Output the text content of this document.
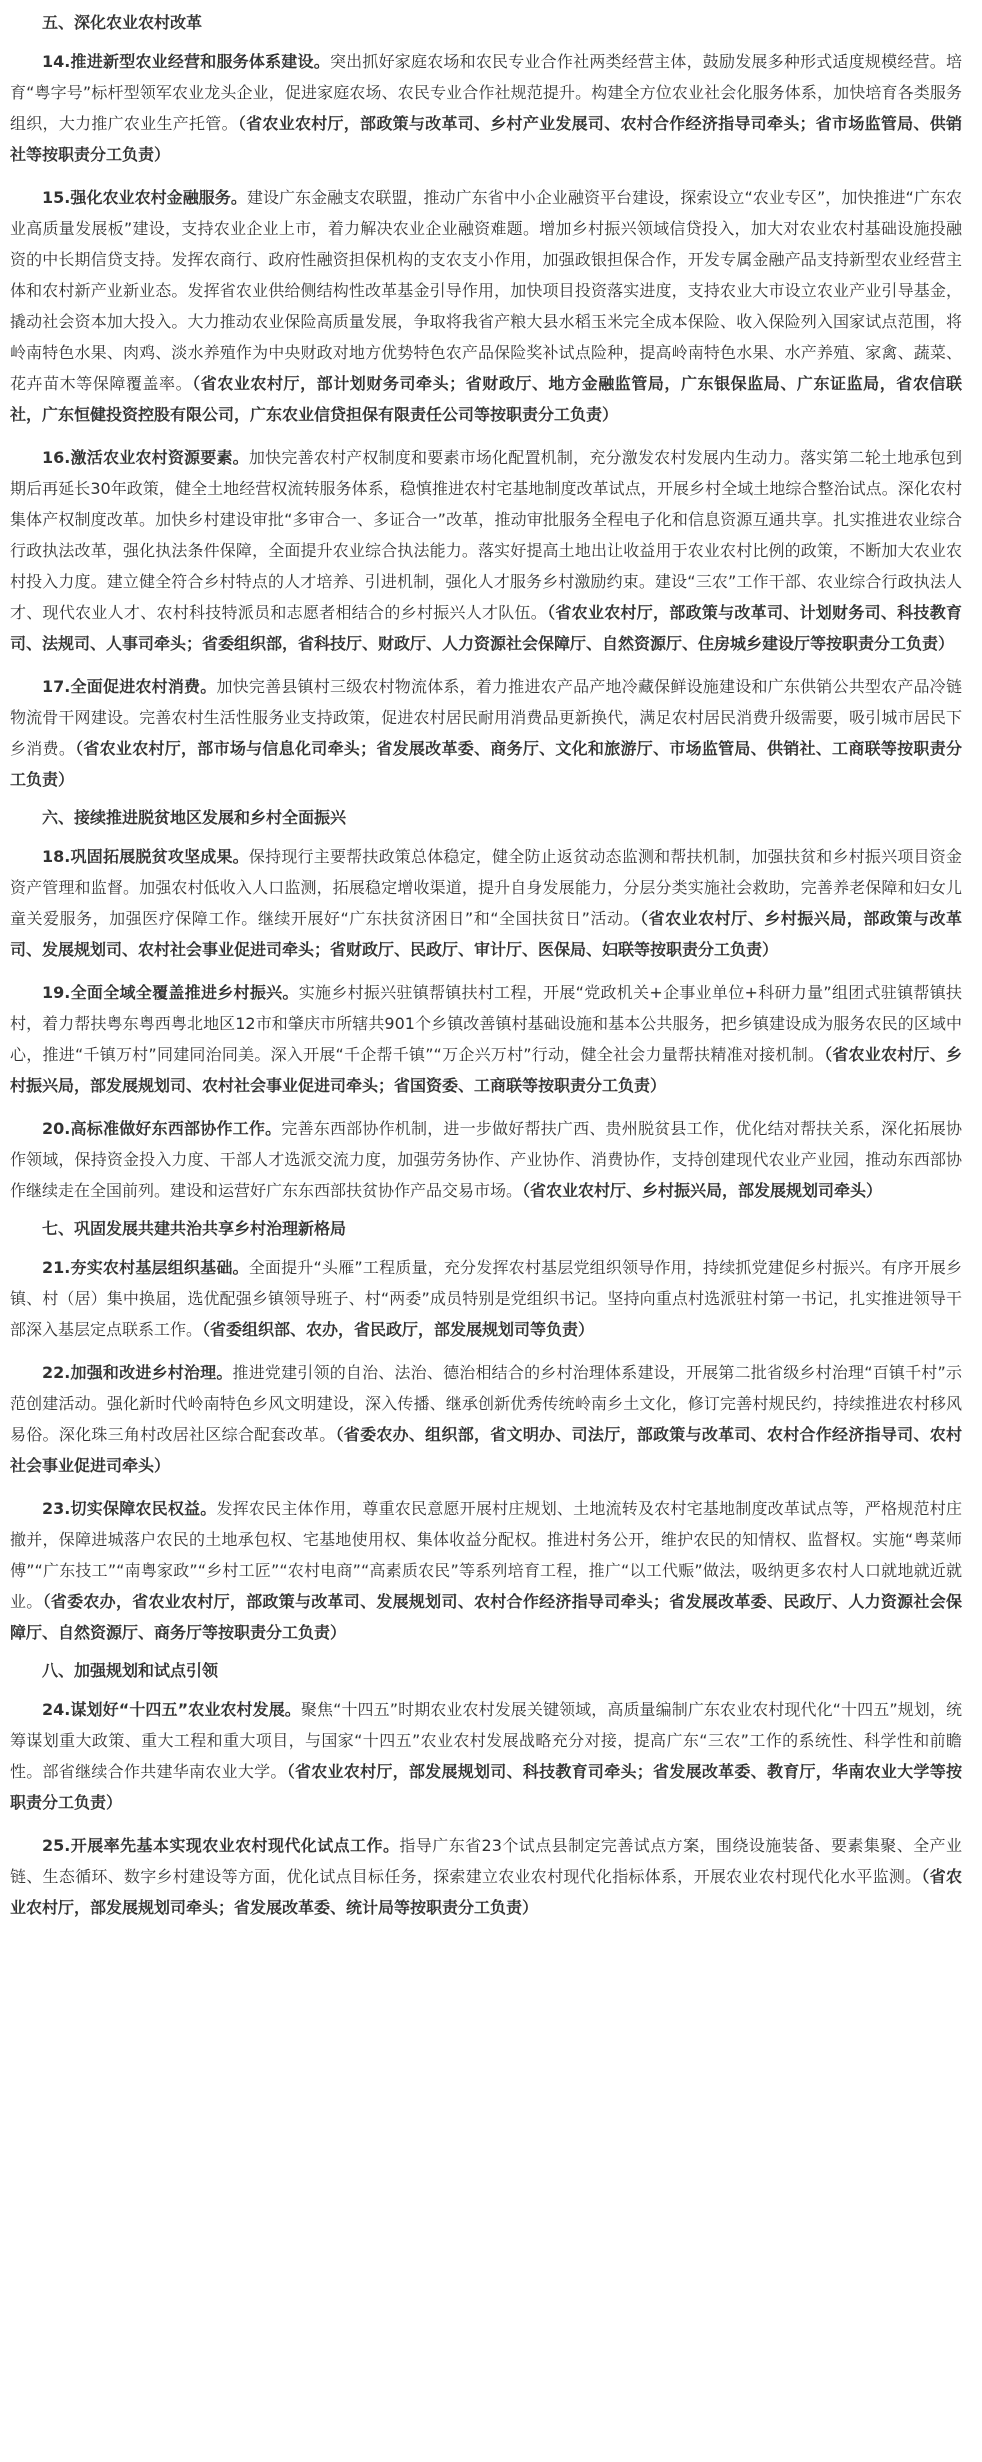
五、深化农业农村改革

14.推进新型农业经营和服务体系建设。突出抓好家庭农场和农民专业合作社两类经营主体，鼓励发展多种形式适度规模经营。培育“粤字号”标杆型领军农业龙头企业，促进家庭农场、农民专业合作社规范提升。构建全方位农业社会化服务体系，加快培育各类服务组织，大力推广农业生产托管。（省农业农村厅，部政策与改革司、乡村产业发展司、农村合作经济指导司牵头；省市场监管局、供销社等按职责分工负责）

15.强化农业农村金融服务。建设广东金融支农联盟，推动广东省中小企业融资平台建设，探索设立“农业专区”，加快推进“广东农业高质量发展板”建设，支持农业企业上市，着力解决农业企业融资难题。增加乡村振兴领域信贷投入，加大对农业农村基础设施投融资的中长期信贷支持。发挥农商行、政府性融资担保机构的支农支小作用，加强政银担保合作，开发专属金融产品支持新型农业经营主体和农村新产业新业态。发挥省农业供给侧结构性改革基金引导作用，加快项目投资落实进度，支持农业大市设立农业产业引导基金，撬动社会资本加大投入。大力推动农业保险高质量发展，争取将我省产粮大县水稻玉米完全成本保险、收入保险列入国家试点范围，将岭南特色水果、肉鸡、淡水养殖作为中央财政对地方优势特色农产品保险奖补试点险种，提高岭南特色水果、水产养殖、家禽、蔬菜、花卉苗木等保障覆盖率。（省农业农村厅，部计划财务司牵头；省财政厅、地方金融监管局，广东银保监局、广东证监局，省农信联社，广东恒健投资控股有限公司，广东农业信贷担保有限责任公司等按职责分工负责）

16.激活农业农村资源要素。加快完善农村产权制度和要素市场化配置机制，充分激发农村发展内生动力。落实第二轮土地承包到期后再延长30年政策，健全土地经营权流转服务体系，稳慎推进农村宅基地制度改革试点，开展乡村全域土地综合整治试点。深化农村集体产权制度改革。加快乡村建设审批“多审合一、多证合一”改革，推动审批服务全程电子化和信息资源互通共享。扎实推进农业综合行政执法改革，强化执法条件保障，全面提升农业综合执法能力。落实好提高土地出让收益用于农业农村比例的政策，不断加大农业农村投入力度。建立健全符合乡村特点的人才培养、引进机制，强化人才服务乡村激励约束。建设“三农”工作干部、农业综合行政执法人才、现代农业人才、农村科技特派员和志愿者相结合的乡村振兴人才队伍。（省农业农村厅，部政策与改革司、计划财务司、科技教育司、法规司、人事司牵头；省委组织部，省科技厅、财政厅、人力资源社会保障厅、自然资源厅、住房城乡建设厅等按职责分工负责）

17.全面促进农村消费。加快完善县镇村三级农村物流体系，着力推进农产品产地冷藏保鲜设施建设和广东供销公共型农产品冷链物流骨干网建设。完善农村生活性服务业支持政策，促进农村居民耐用消费品更新换代，满足农村居民消费升级需要，吸引城市居民下乡消费。（省农业农村厅，部市场与信息化司牵头；省发展改革委、商务厅、文化和旅游厅、市场监管局、供销社、工商联等按职责分工负责）

六、接续推进脱贫地区发展和乡村全面振兴

18.巩固拓展脱贫攻坚成果。保持现行主要帮扶政策总体稳定，健全防止返贫动态监测和帮扶机制，加强扶贫和乡村振兴项目资金资产管理和监督。加强农村低收入人口监测，拓展稳定增收渠道，提升自身发展能力，分层分类实施社会救助，完善养老保障和妇女儿童关爱服务，加强医疗保障工作。继续开展好“广东扶贫济困日”和“全国扶贫日”活动。（省农业农村厅、乡村振兴局，部政策与改革司、发展规划司、农村社会事业促进司牵头；省财政厅、民政厅、审计厅、医保局、妇联等按职责分工负责）

19.全面全域全覆盖推进乡村振兴。实施乡村振兴驻镇帮镇扶村工程，开展“党政机关+企事业单位+科研力量”组团式驻镇帮镇扶村，着力帮扶粤东粤西粤北地区12市和肇庆市所辖共901个乡镇改善镇村基础设施和基本公共服务，把乡镇建设成为服务农民的区域中心，推进“千镇万村”同建同治同美。深入开展“千企帮千镇”“万企兴万村”行动，健全社会力量帮扶精准对接机制。（省农业农村厅、乡村振兴局，部发展规划司、农村社会事业促进司牵头；省国资委、工商联等按职责分工负责）

20.高标准做好东西部协作工作。完善东西部协作机制，进一步做好帮扶广西、贵州脱贫县工作，优化结对帮扶关系，深化拓展协作领域，保持资金投入力度、干部人才选派交流力度，加强劳务协作、产业协作、消费协作，支持创建现代农业产业园，推动东西部协作继续走在全国前列。建设和运营好广东东西部扶贫协作产品交易市场。（省农业农村厅、乡村振兴局，部发展规划司牵头）

七、巩固发展共建共治共享乡村治理新格局

21.夯实农村基层组织基础。全面提升“头雁”工程质量，充分发挥农村基层党组织领导作用，持续抓党建促乡村振兴。有序开展乡镇、村（居）集中换届，选优配强乡镇领导班子、村“两委”成员特别是党组织书记。坚持向重点村选派驻村第一书记，扎实推进领导干部深入基层定点联系工作。（省委组织部、农办，省民政厅，部发展规划司等负责）

22.加强和改进乡村治理。推进党建引领的自治、法治、德治相结合的乡村治理体系建设，开展第二批省级乡村治理“百镇千村”示范创建活动。强化新时代岭南特色乡风文明建设，深入传播、继承创新优秀传统岭南乡土文化，修订完善村规民约，持续推进农村移风易俗。深化珠三角村改居社区综合配套改革。（省委农办、组织部，省文明办、司法厅，部政策与改革司、农村合作经济指导司、农村社会事业促进司牵头）

23.切实保障农民权益。发挥农民主体作用，尊重农民意愿开展村庄规划、土地流转及农村宅基地制度改革试点等，严格规范村庄撤并，保障进城落户农民的土地承包权、宅基地使用权、集体收益分配权。推进村务公开，维护农民的知情权、监督权。实施“粤菜师傅”“广东技工”“南粤家政”“乡村工匠”“农村电商”“高素质农民”等系列培育工程，推广“以工代赈”做法，吸纳更多农村人口就地就近就业。（省委农办，省农业农村厅，部政策与改革司、发展规划司、农村合作经济指导司牵头；省发展改革委、民政厅、人力资源社会保障厅、自然资源厅、商务厅等按职责分工负责）

八、加强规划和试点引领

24.谋划好“十四五”农业农村发展。聚焦“十四五”时期农业农村发展关键领域，高质量编制广东农业农村现代化“十四五”规划，统筹谋划重大政策、重大工程和重大项目，与国家“十四五”农业农村发展战略充分对接，提高广东“三农”工作的系统性、科学性和前瞻性。部省继续合作共建华南农业大学。（省农业农村厅，部发展规划司、科技教育司牵头；省发展改革委、教育厅，华南农业大学等按职责分工负责）

25.开展率先基本实现农业农村现代化试点工作。指导广东省23个试点县制定完善试点方案，围绕设施装备、要素集聚、全产业链、生态循环、数字乡村建设等方面，优化试点目标任务，探索建立农业农村现代化指标体系，开展农业农村现代化水平监测。（省农业农村厅，部发展规划司牵头；省发展改革委、统计局等按职责分工负责）
